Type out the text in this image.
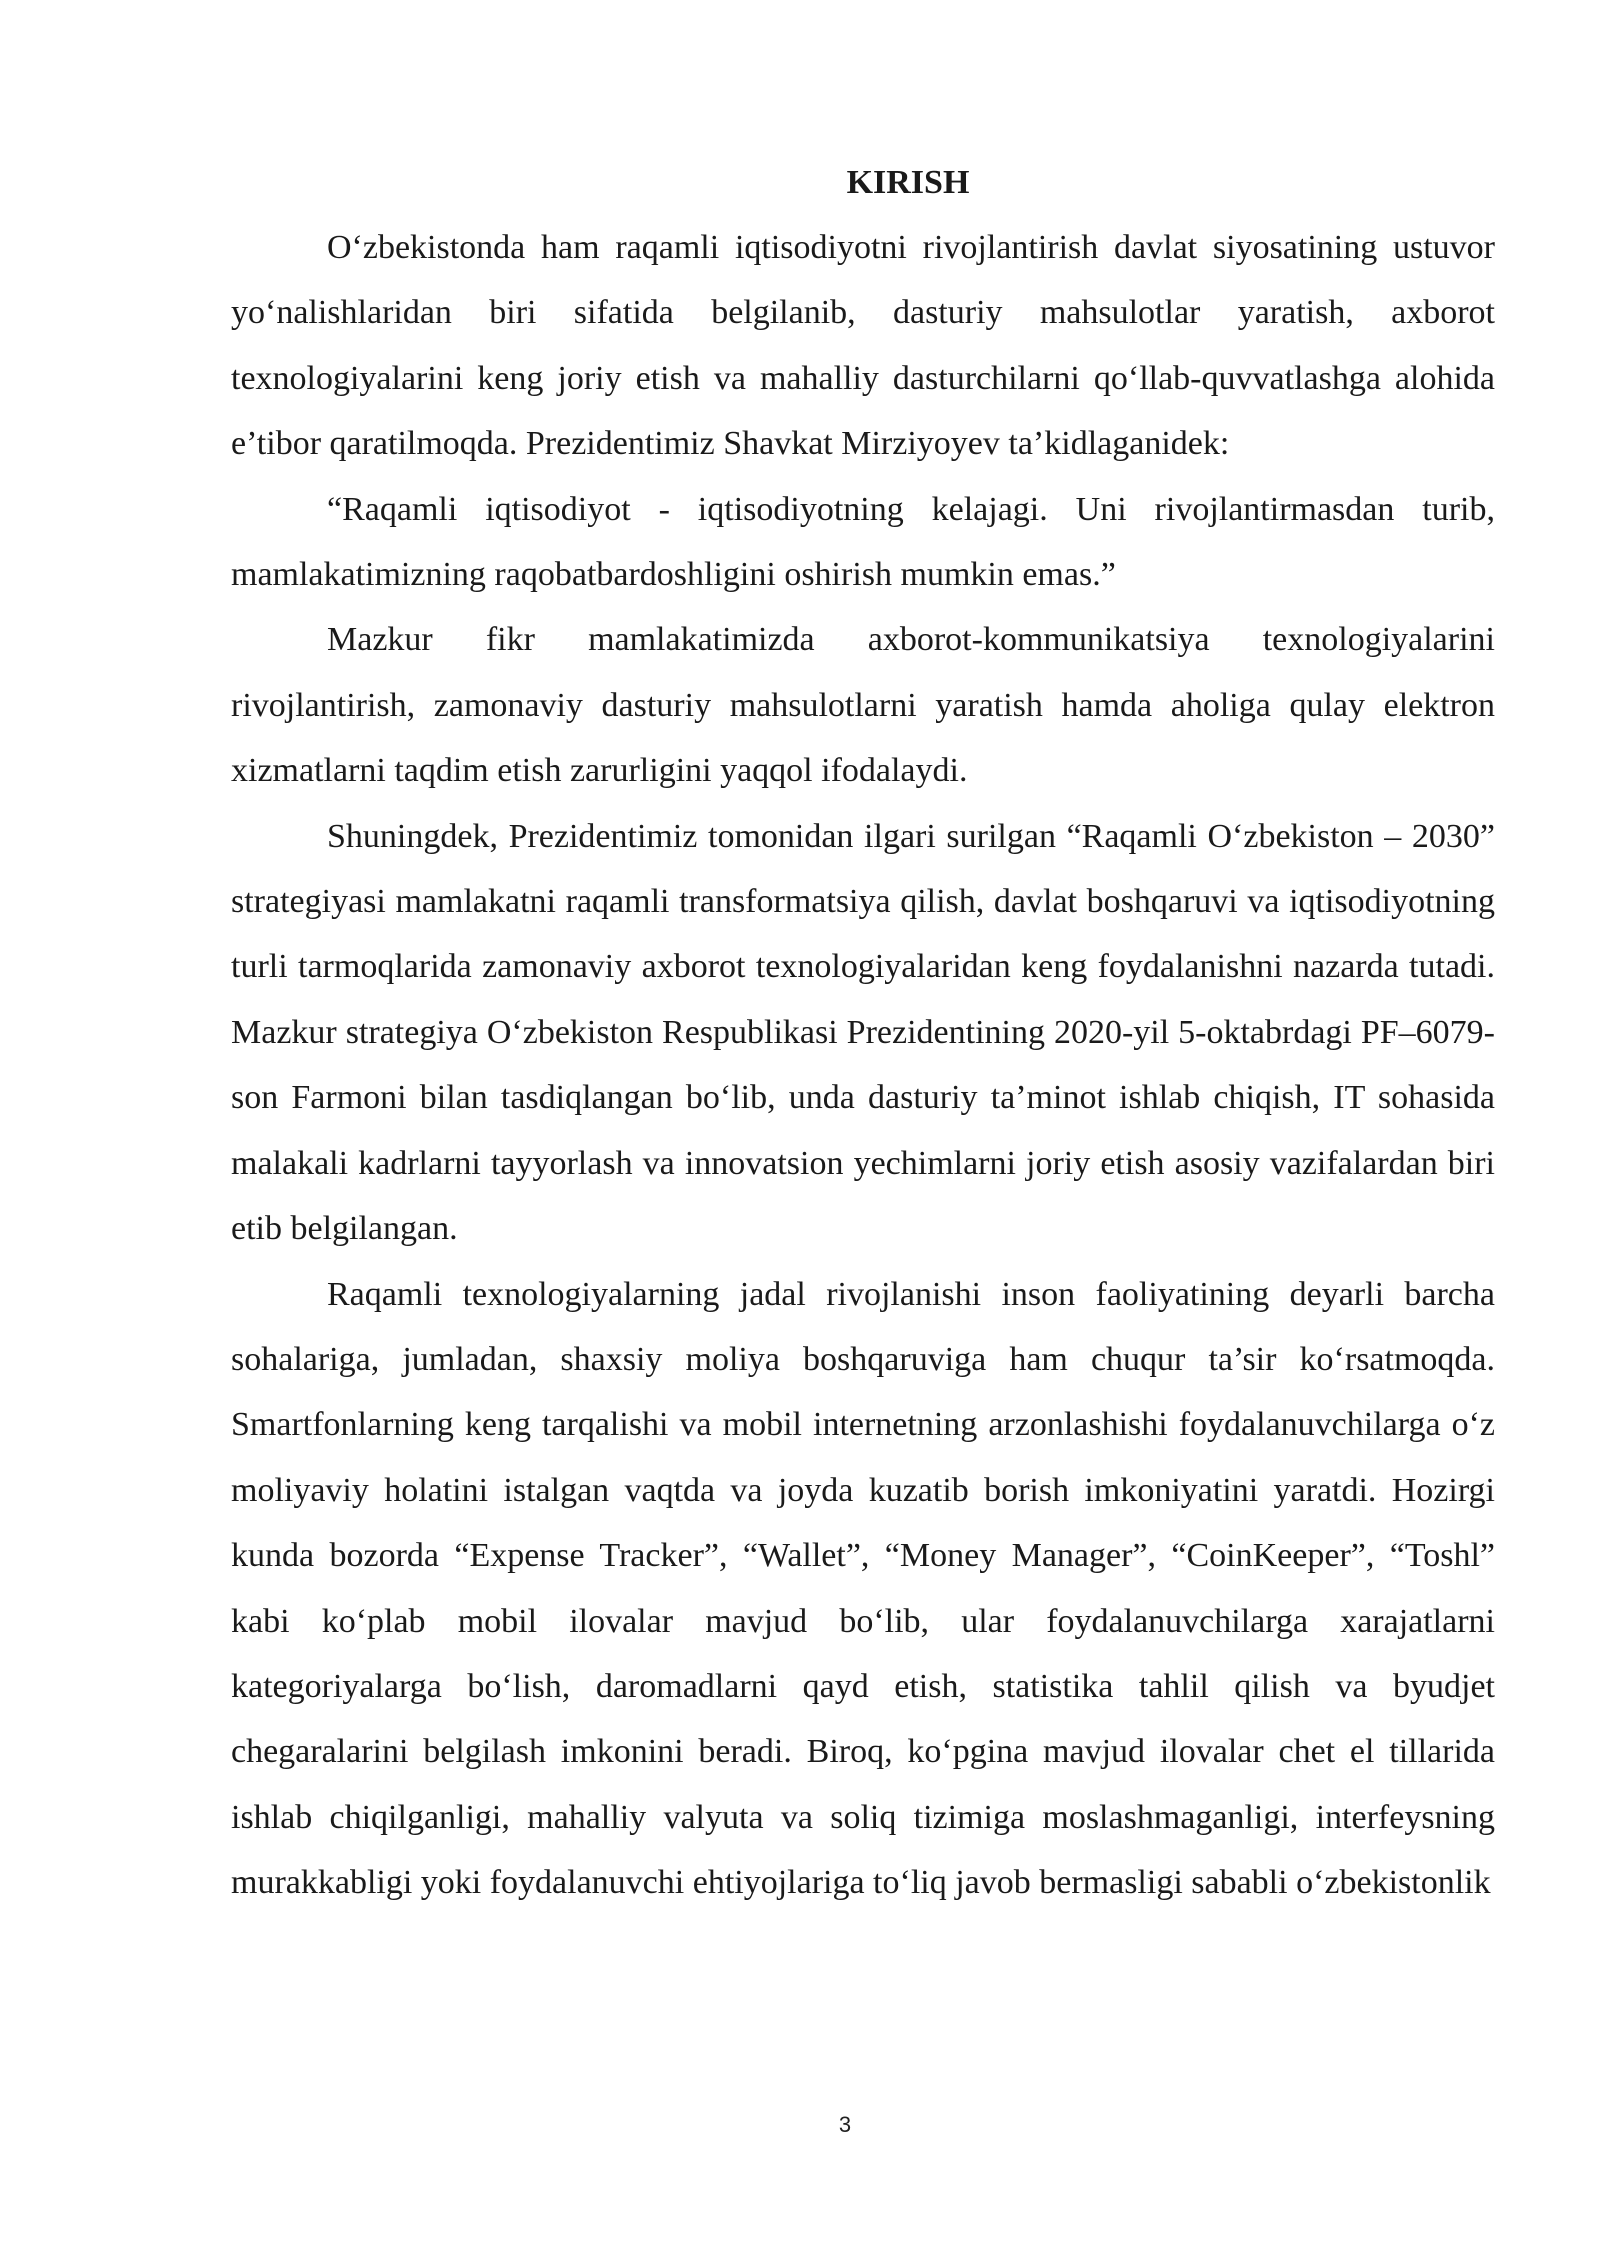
KIRISH

O‘zbekistonda ham raqamli iqtisodiyotni rivojlantirish davlat siyosatining ustuvor yo‘nalishlaridan biri sifatida belgilanib, dasturiy mahsulotlar yaratish, axborot texnologiyalarini keng joriy etish va mahalliy dasturchilarni qo‘llab-quvvatlashga alohida e’tibor qaratilmoqda. Prezidentimiz Shavkat Mirziyoyev ta’kidlaganidek:

“Raqamli iqtisodiyot - iqtisodiyotning kelajagi. Uni rivojlantirmasdan turib, mamlakatimizning raqobatbardoshligini oshirish mumkin emas.”

Mazkur fikr mamlakatimizda axborot-kommunikatsiya texnologiyalarini rivojlantirish, zamonaviy dasturiy mahsulotlarni yaratish hamda aholiga qulay elektron xizmatlarni taqdim etish zarurligini yaqqol ifodalaydi.

Shuningdek, Prezidentimiz tomonidan ilgari surilgan “Raqamli O‘zbekiston – 2030” strategiyasi mamlakatni raqamli transformatsiya qilish, davlat boshqaruvi va iqtisodiyotning turli tarmoqlarida zamonaviy axborot texnologiyalaridan keng foydalanishni nazarda tutadi. Mazkur strategiya O‘zbekiston Respublikasi Prezidentining 2020-yil 5-oktabrdagi PF–6079-son Farmoni bilan tasdiqlangan bo‘lib, unda dasturiy ta’minot ishlab chiqish, IT sohasida malakali kadrlarni tayyorlash va innovatsion yechimlarni joriy etish asosiy vazifalardan biri etib belgilangan.

Raqamli texnologiyalarning jadal rivojlanishi inson faoliyatining deyarli barcha sohalariga, jumladan, shaxsiy moliya boshqaruviga ham chuqur ta’sir ko‘rsatmoqda. Smartfonlarning keng tarqalishi va mobil internetning arzonlashishi foydalanuvchilarga o‘z moliyaviy holatini istalgan vaqtda va joyda kuzatib borish imkoniyatini yaratdi. Hozirgi kunda bozorda “Expense Tracker”, “Wallet”, “Money Manager”, “CoinKeeper”, “Toshl” kabi ko‘plab mobil ilovalar mavjud bo‘lib, ular foydalanuvchilarga xarajatlarni kategoriyalarga bo‘lish, daromadlarni qayd etish, statistika tahlil qilish va byudjet chegaralarini belgilash imkonini beradi. Biroq, ko‘pgina mavjud ilovalar chet el tillarida ishlab chiqilganligi, mahalliy valyuta va soliq tizimiga moslashmaganligi, interfeysning murakkabligi yoki foydalanuvchi ehtiyojlariga to‘liq javob bermasligi sababli o‘zbekistonlik

3
